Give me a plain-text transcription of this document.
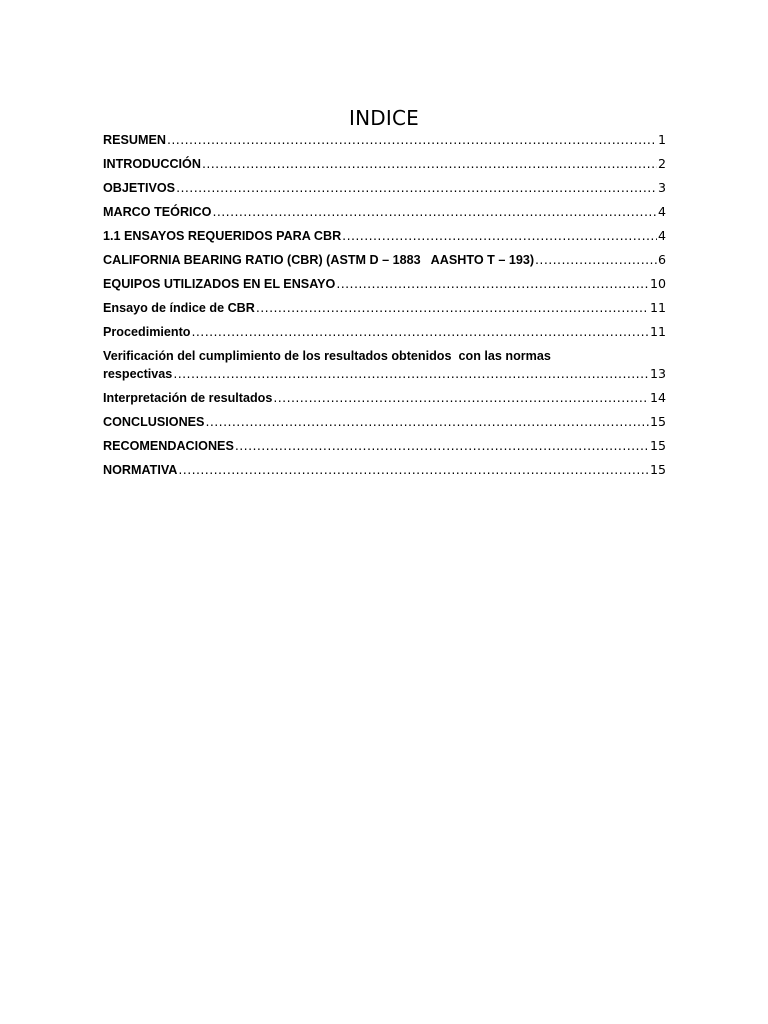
INDICE
RESUMEN .....	1
INTRODUCCIÓN .....	2
OBJETIVOS .....	3
MARCO TEÓRICO .....	4
1.1 ENSAYOS REQUERIDOS PARA CBR .....	4
CALIFORNIA BEARING RATIO (CBR) (ASTM D – 1883   AASHTO T – 193) .....	6
EQUIPOS UTILIZADOS EN EL ENSAYO .....	10
Ensayo de índice de CBR .....	11
Procedimiento .....	11
Verificación del cumplimiento de los resultados obtenidos  con las normas
respectivas .....	13
Interpretación de resultados .....	14
CONCLUSIONES .....	15
RECOMENDACIONES .....	15
NORMATIVA .....	15
